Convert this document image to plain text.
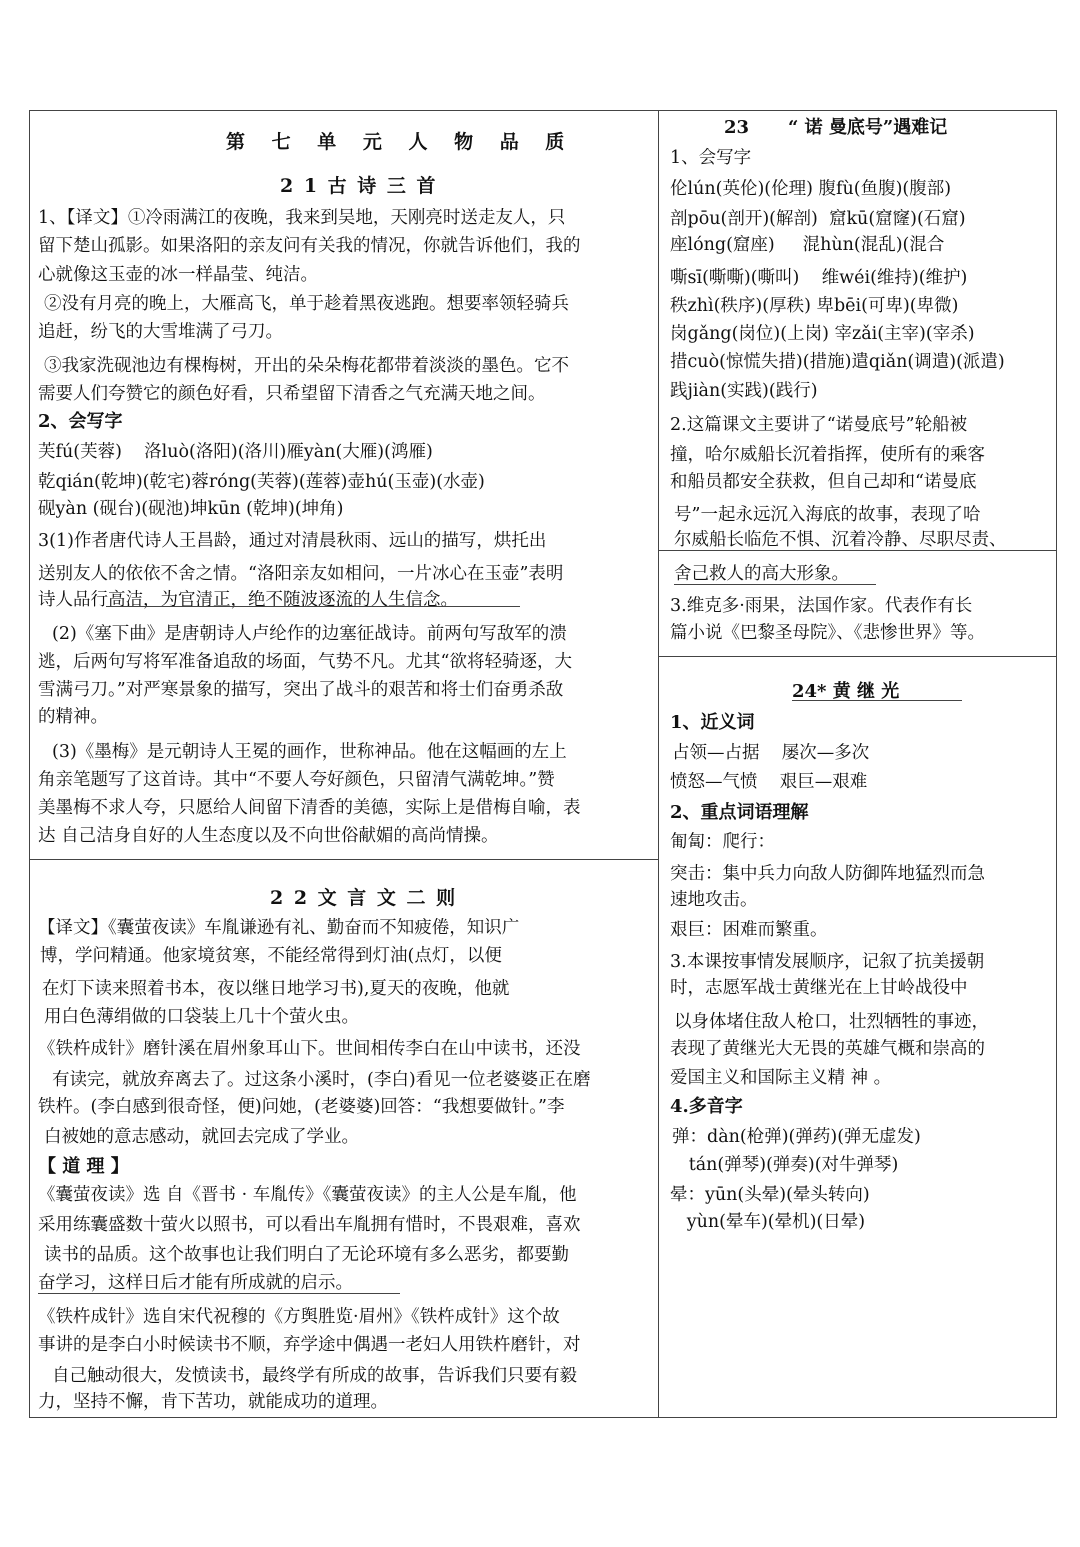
第 七 单 元 人 物 品 质
2 1 古 诗 三 首
1、【译文】①冷雨满江的夜晚，我来到吴地，天刚亮时送走友人，只
留下楚山孤影。如果洛阳的亲友问有关我的情况，你就告诉他们，我的
心就像这玉壶的冰一样晶莹、纯洁。
②没有月亮的晚上，大雁高飞，单于趁着黑夜逃跑。想要率领轻骑兵
追赶，纷飞的大雪堆满了弓刀。
③我家洗砚池边有棵梅树，开出的朵朵梅花都带着淡淡的墨色。它不
需要人们夸赞它的颜色好看，只希望留下清香之气充满天地之间。
2、会写字
芙fú(芙蓉)    洛luò(洛阳)(洛川)雁yàn(大雁)(鸿雁)
乾qián(乾坤)(乾宅)蓉róng(芙蓉)(莲蓉)壶hú(玉壶)(水壶)
砚yàn (砚台)(砚池)坤kūn (乾坤)(坤角)
3(1)作者唐代诗人王昌龄，通过对清晨秋雨、远山的描写，烘托出
送别友人的依依不舍之情。“洛阳亲友如相问，一片冰心在玉壶”表明
诗人品行高洁，为官清正，绝不随波逐流的人生信念。
(2)《塞下曲》是唐朝诗人卢纶作的边塞征战诗。前两句写敌军的溃
逃，后两句写将军准备追敌的场面，气势不凡。尤其“欲将轻骑逐，大
雪满弓刀。”对严寒景象的描写，突出了战斗的艰苦和将士们奋勇杀敌
的精神。
(3)《墨梅》是元朝诗人王冕的画作，世称神品。他在这幅画的左上
角亲笔题写了这首诗。其中“不要人夸好颜色，只留清气满乾坤。”赞
美墨梅不求人夸，只愿给人间留下清香的美德，实际上是借梅自喻，表
达 自己洁身自好的人生态度以及不向世俗献媚的高尚情操。
2 2 文 言 文 二 则
【译文】《囊萤夜读》车胤谦逊有礼、勤奋而不知疲倦，知识广
博，学问精通。他家境贫寒，不能经常得到灯油(点灯，以便
在灯下读来照着书本，夜以继日地学习书),夏天的夜晚，他就
用白色薄绢做的口袋装上几十个萤火虫。
《铁杵成针》磨针溪在眉州象耳山下。世间相传李白在山中读书，还没
有读完，就放弃离去了。过这条小溪时，(李白)看见一位老婆婆正在磨
铁杵。(李白感到很奇怪，便)问她，(老婆婆)回答：“我想要做针。”李
白被她的意志感动，就回去完成了学业。
【 道 理 】
《囊萤夜读》选 自《晋书 · 车胤传》《囊萤夜读》的主人公是车胤，他
采用练囊盛数十萤火以照书，可以看出车胤拥有惜时，不畏艰难，喜欢
读书的品质。这个故事也让我们明白了无论环境有多么恶劣，都要勤
奋学习，这样日后才能有所成就的启示。
《铁杵成针》选自宋代祝穆的《方舆胜览·眉州》《铁杵成针》这个故
事讲的是李白小时候读书不顺，弃学途中偶遇一老妇人用铁杵磨针，对
自己触动很大，发愤读书，最终学有所成的故事，告诉我们只要有毅
力，坚持不懈，肯下苦功，就能成功的道理。
23 “ 诺 曼底号”遇难记
1、会写字
伦lún(英伦)(伦理) 腹fù(鱼腹)(腹部)
剖pōu(剖开)(解剖)  窟kū(窟窿)(石窟)
座lóng(窟座)     混hùn(混乱)(混合
嘶sī(嘶嘶)(嘶叫)    维wéi(维持)(维护)
秩zhì(秩序)(厚秩) 卑bēi(可卑)(卑微)
岗gǎng(岗位)(上岗) 宰zǎi(主宰)(宰杀)
措cuò(惊慌失措)(措施)遣qiǎn(调遣)(派遣)
践jiàn(实践)(践行)
2.这篇课文主要讲了“诺曼底号”轮船被
撞，哈尔威船长沉着指挥，使所有的乘客
和船员都安全获救，但自己却和“诺曼底
号”一起永远沉入海底的故事，表现了哈
尔威船长临危不惧、沉着冷静、尽职尽责、
舍己救人的高大形象。
3.维克多·雨果，法国作家。代表作有长
篇小说《巴黎圣母院》、《悲惨世界》等。
24* 黄 继 光
1、近义词
占领—占据    屡次—多次
愤怒—气愤    艰巨—艰难
2、重点词语理解
匍匐：爬行：
突击：集中兵力向敌人防御阵地猛烈而急
速地攻击。
艰巨：困难而繁重。
3.本课按事情发展顺序，记叙了抗美援朝
时，志愿军战士黄继光在上甘岭战役中
以身体堵住敌人枪口，壮烈牺牲的事迹，
表现了黄继光大无畏的英雄气概和崇高的
爱国主义和国际主义精 神 。
4.多音字
弹：dàn(枪弹)(弹药)(弹无虚发)
tán(弹琴)(弹奏)(对牛弹琴)
晕：yūn(头晕)(晕头转向)
yùn(晕车)(晕机)(日晕)
